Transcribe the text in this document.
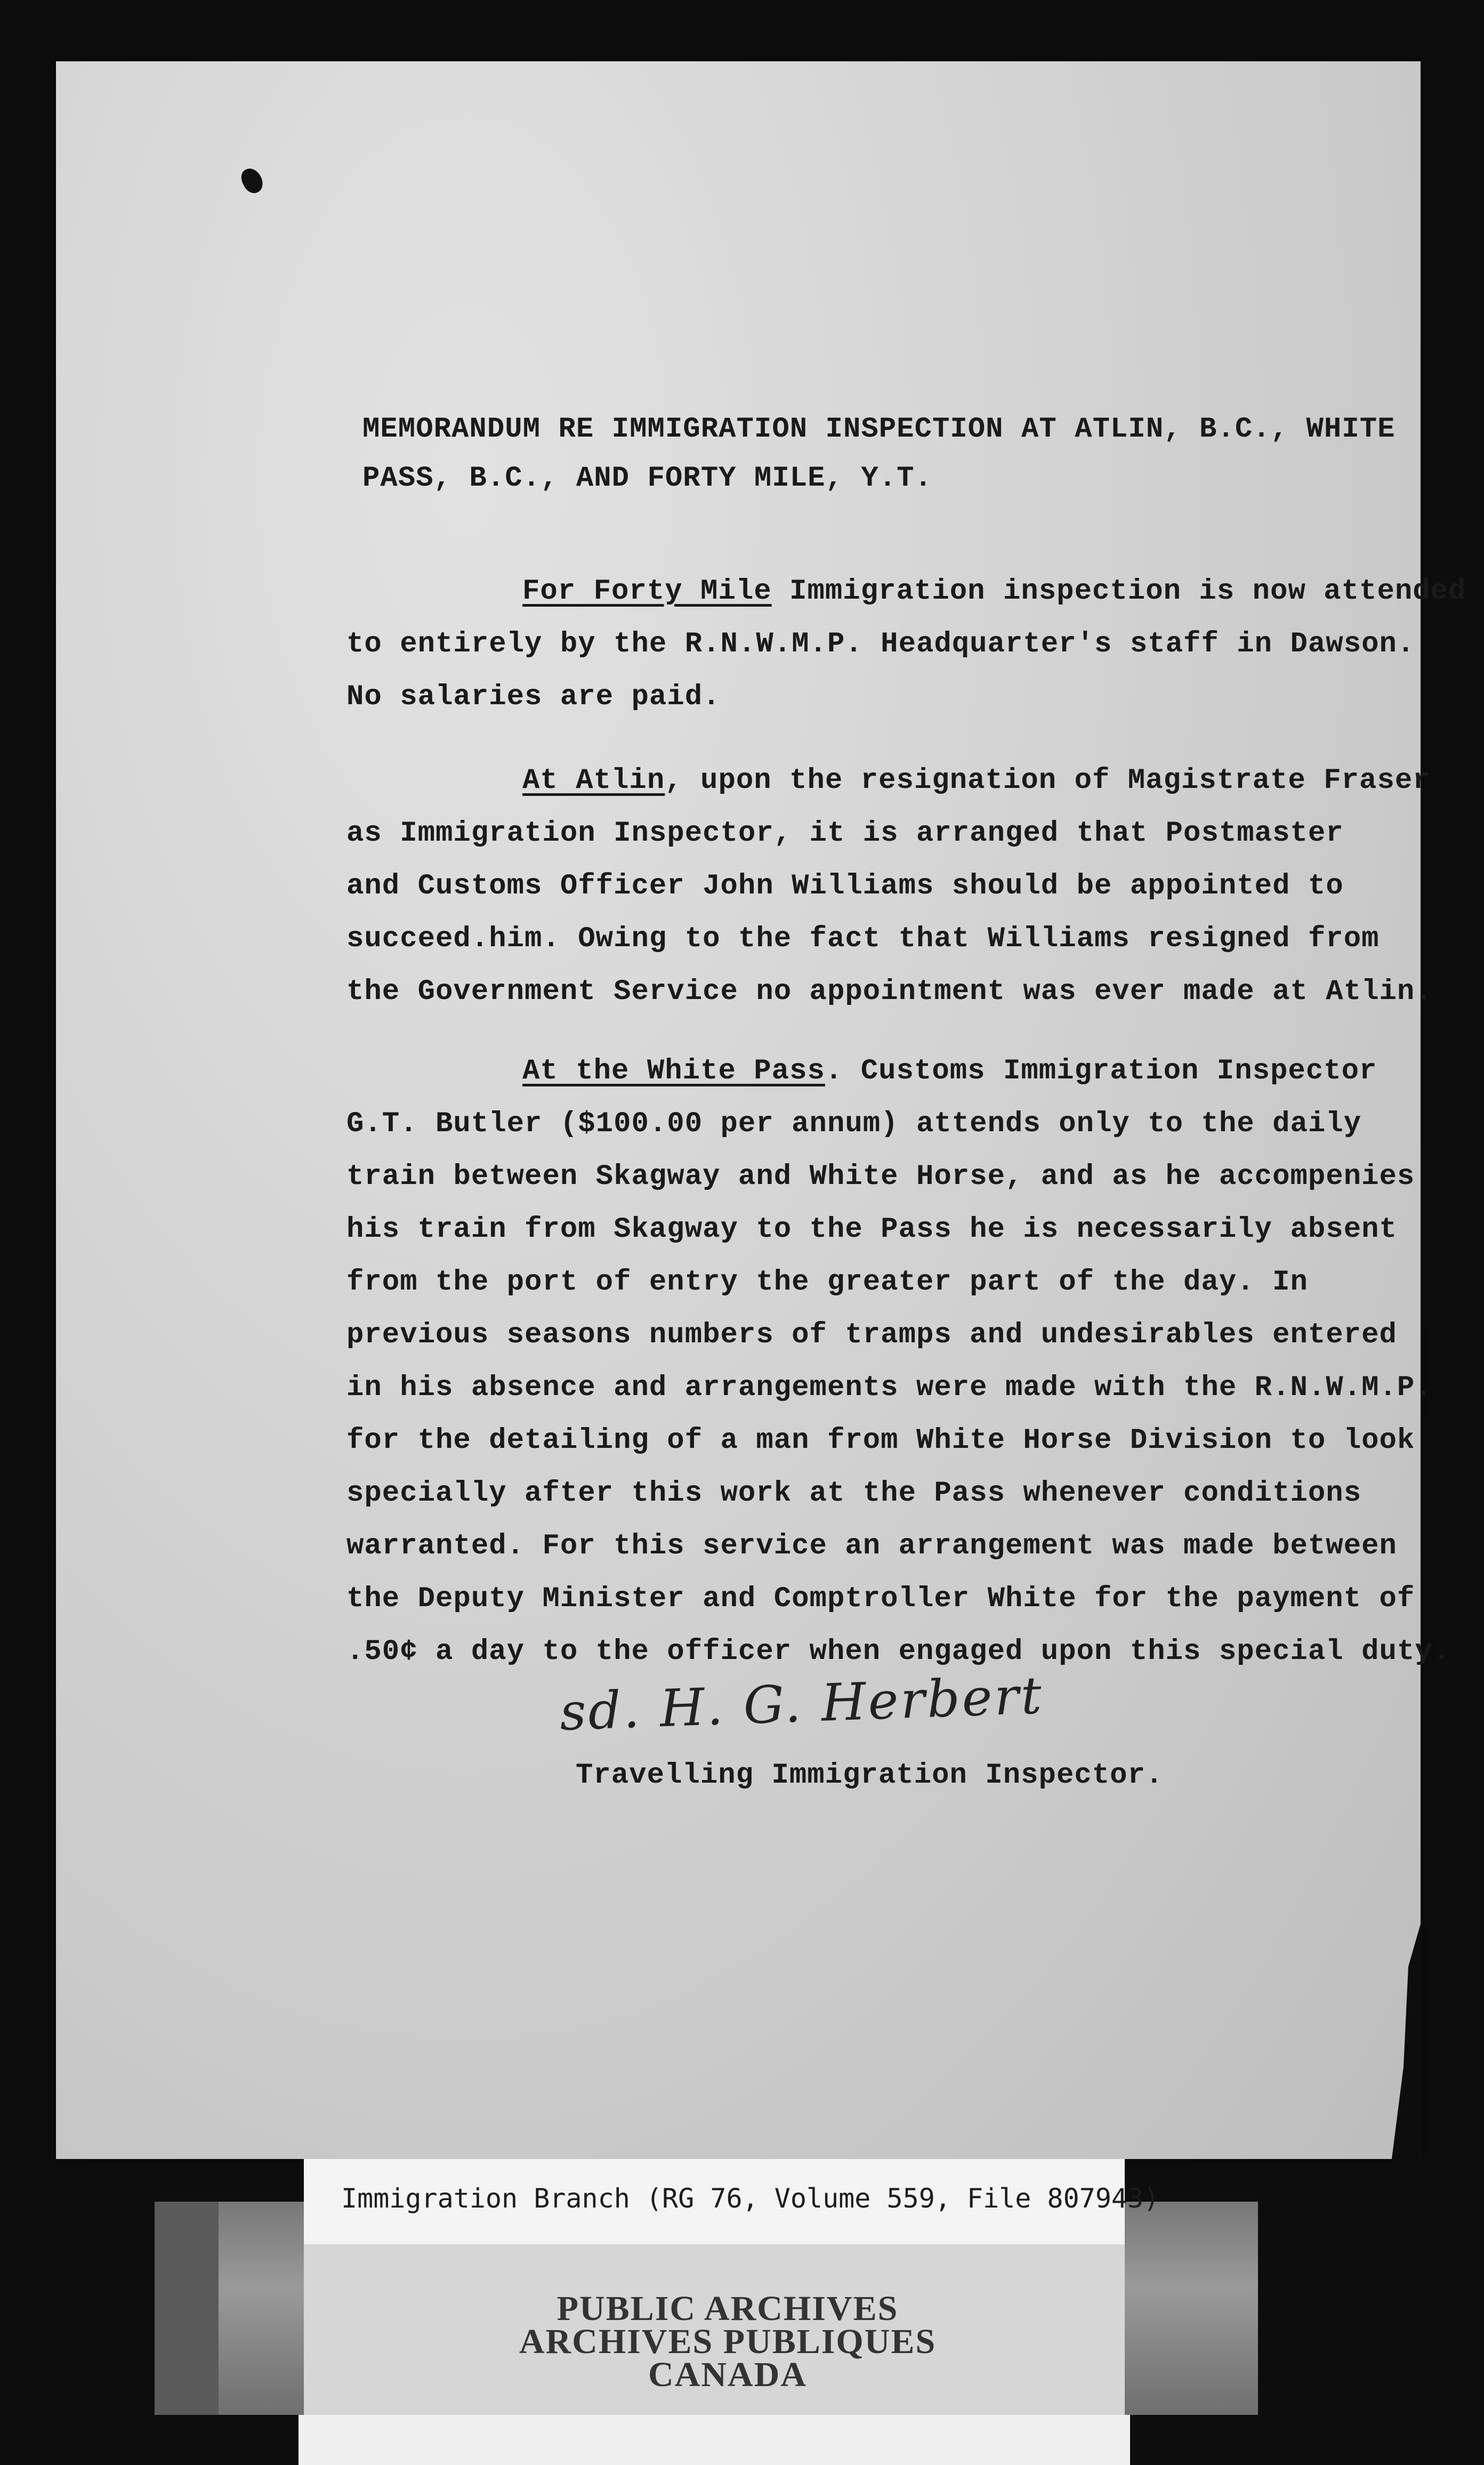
MEMORANDUM RE IMMIGRATION INSPECTION AT ATLIN, B.C., WHITE
PASS, B.C., AND FORTY MILE, Y.T.
For Forty Mile Immigration inspection is now attended
to entirely by the R.N.W.M.P. Headquarter's staff in Dawson.
No salaries are paid.
At Atlin, upon the resignation of Magistrate Fraser
as Immigration Inspector, it is arranged that Postmaster
and Customs Officer John Williams should be appointed to
succeed.him. Owing to the fact that Williams resigned from
the Government Service no appointment was ever made at Atlin.
At the White Pass. Customs Immigration Inspector
G.T. Butler ($100.00 per annum) attends only to the daily
train between Skagway and White Horse, and as he accompenies
his train from Skagway to the Pass he is necessarily absent
from the port of entry the greater part of the day. In
previous seasons numbers of tramps and undesirables entered
in his absence and arrangements were made with the R.N.W.M.P.
for the detailing of a man from White Horse Division to look
specially after this work at the Pass whenever conditions
warranted. For this service an arrangement was made between
the Deputy Minister and Comptroller White for the payment of
.50¢ a day to the officer when engaged upon this special duty.
sd. H. G. Herbert
Travelling Immigration Inspector.
Immigration Branch (RG 76, Volume 559, File 807943)
PUBLIC ARCHIVES
ARCHIVES PUBLIQUES
CANADA
